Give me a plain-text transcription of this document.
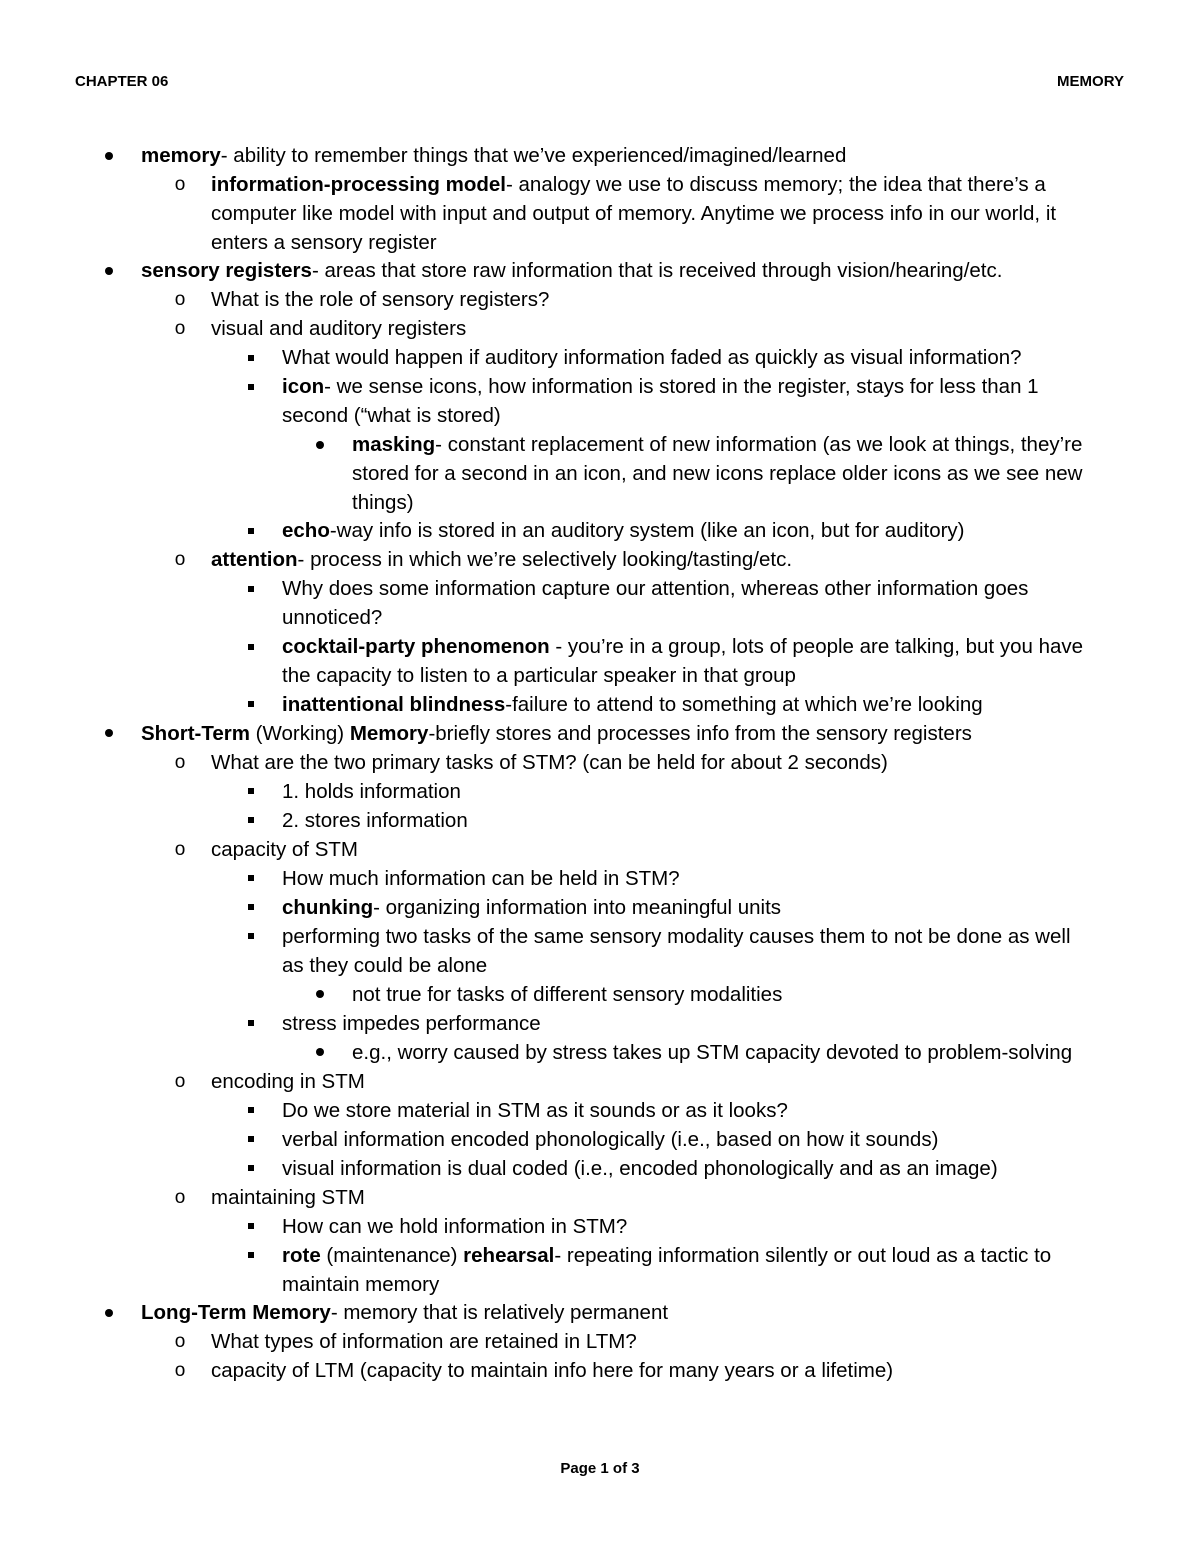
CHAPTER 06	MEMORY
memory- ability to remember things that we’ve experienced/imagined/learned
o information-processing model- analogy we use to discuss memory; the idea that there’s a
computer like model with input and output of memory. Anytime we process info in our world, it
enters a sensory register
sensory registers- areas that store raw information that is received through vision/hearing/etc.
o What is the role of sensory registers?
o visual and auditory registers
What would happen if auditory information faded as quickly as visual information?
icon- we sense icons, how information is stored in the register, stays for less than 1
second (“what is stored)
masking- constant replacement of new information (as we look at things, they’re
stored for a second in an icon, and new icons replace older icons as we see new
things)
echo-way info is stored in an auditory system (like an icon, but for auditory)
o attention- process in which we’re selectively looking/tasting/etc.
Why does some information capture our attention, whereas other information goes
unnoticed?
cocktail-party phenomenon - you’re in a group, lots of people are talking, but you have
the capacity to listen to a particular speaker in that group
inattentional blindness-failure to attend to something at which we’re looking
Short-Term (Working) Memory-briefly stores and processes info from the sensory registers
o What are the two primary tasks of STM? (can be held for about 2 seconds)
1. holds information
2. stores information
o capacity of STM
How much information can be held in STM?
chunking- organizing information into meaningful units
performing two tasks of the same sensory modality causes them to not be done as well
as they could be alone
not true for tasks of different sensory modalities
stress impedes performance
e.g., worry caused by stress takes up STM capacity devoted to problem-solving
o encoding in STM
Do we store material in STM as it sounds or as it looks?
verbal information encoded phonologically (i.e., based on how it sounds)
visual information is dual coded (i.e., encoded phonologically and as an image)
o maintaining STM
How can we hold information in STM?
rote (maintenance) rehearsal- repeating information silently or out loud as a tactic to
maintain memory
Long-Term Memory- memory that is relatively permanent
o What types of information are retained in LTM?
o capacity of LTM (capacity to maintain info here for many years or a lifetime)
Page 1 of 3
